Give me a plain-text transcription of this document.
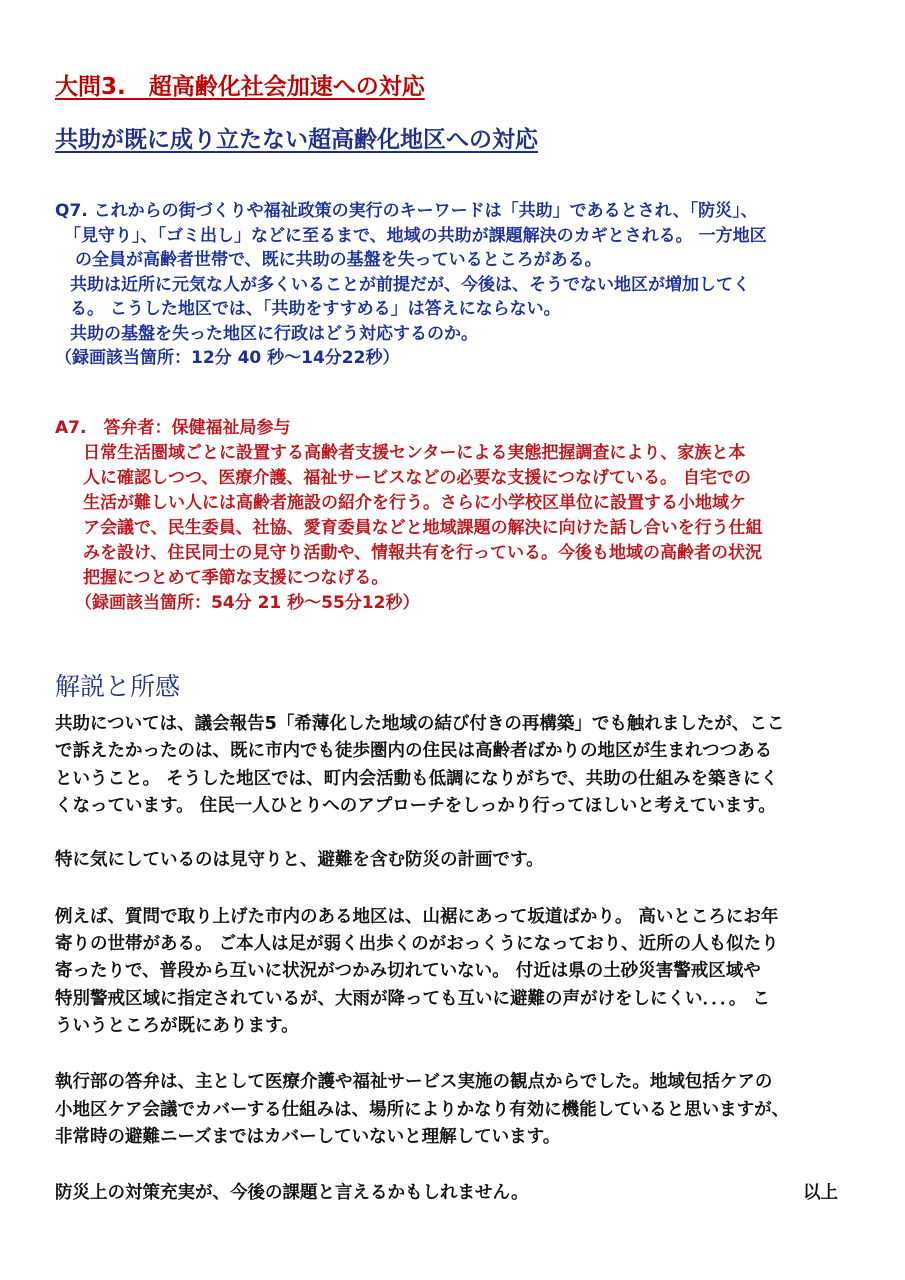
大問3.　超高齢化社会加速への対応
共助が既に成り立たない超高齢化地区への対応
Q7. これからの街づくりや福祉政策の実行のキーワードは「共助」であるとされ、「防災」、
「見守り」、「ゴミ出し」などに至るまで、地域の共助が課題解決のカギとされる。 一方地区
の全員が高齢者世帯で、既に共助の基盤を失っているところがある。
共助は近所に元気な人が多くいることが前提だが、今後は、そうでない地区が増加してく
る。 こうした地区では、「共助をすすめる」は答えにならない。
共助の基盤を失った地区に行政はどう対応するのか。
（録画該当箇所：12分 40 秒～14分22秒）
A7.　答弁者：保健福祉局参与
日常生活圏域ごとに設置する高齢者支援センターによる実態把握調査により、家族と本
人に確認しつつ、医療介護、福祉サービスなどの必要な支援につなげている。 自宅での
生活が難しい人には高齢者施設の紹介を行う。さらに小学校区単位に設置する小地域ケ
ア会議で、民生委員、社協、愛育委員などと地域課題の解決に向けた話し合いを行う仕組
みを設け、住民同士の見守り活動や、情報共有を行っている。今後も地域の高齢者の状況
把握につとめて季節な支援につなげる。
（録画該当箇所：54分 21 秒～55分12秒）
解説と所感
共助については、議会報告5「希薄化した地域の結び付きの再構築」でも触れましたが、ここ
で訴えたかったのは、既に市内でも徒歩圏内の住民は高齢者ばかりの地区が生まれつつある
ということ。 そうした地区では、町内会活動も低調になりがちで、共助の仕組みを築きにく
くなっています。 住民一人ひとりへのアプローチをしっかり行ってほしいと考えています。
特に気にしているのは見守りと、避難を含む防災の計画です。
例えば、質問で取り上げた市内のある地区は、山裾にあって坂道ばかり。 高いところにお年
寄りの世帯がある。 ご本人は足が弱く出歩くのがおっくうになっており、近所の人も似たり
寄ったりで、普段から互いに状況がつかみ切れていない。 付近は県の土砂災害警戒区域や
特別警戒区域に指定されているが、大雨が降っても互いに避難の声がけをしにくい．．．。 こ
ういうところが既にあります。
執行部の答弁は、主として医療介護や福祉サービス実施の観点からでした。地域包括ケアの
小地区ケア会議でカバーする仕組みは、場所によりかなり有効に機能していると思いますが、
非常時の避難ニーズまではカバーしていないと理解しています。
防災上の対策充実が、今後の課題と言えるかもしれません。	以上
